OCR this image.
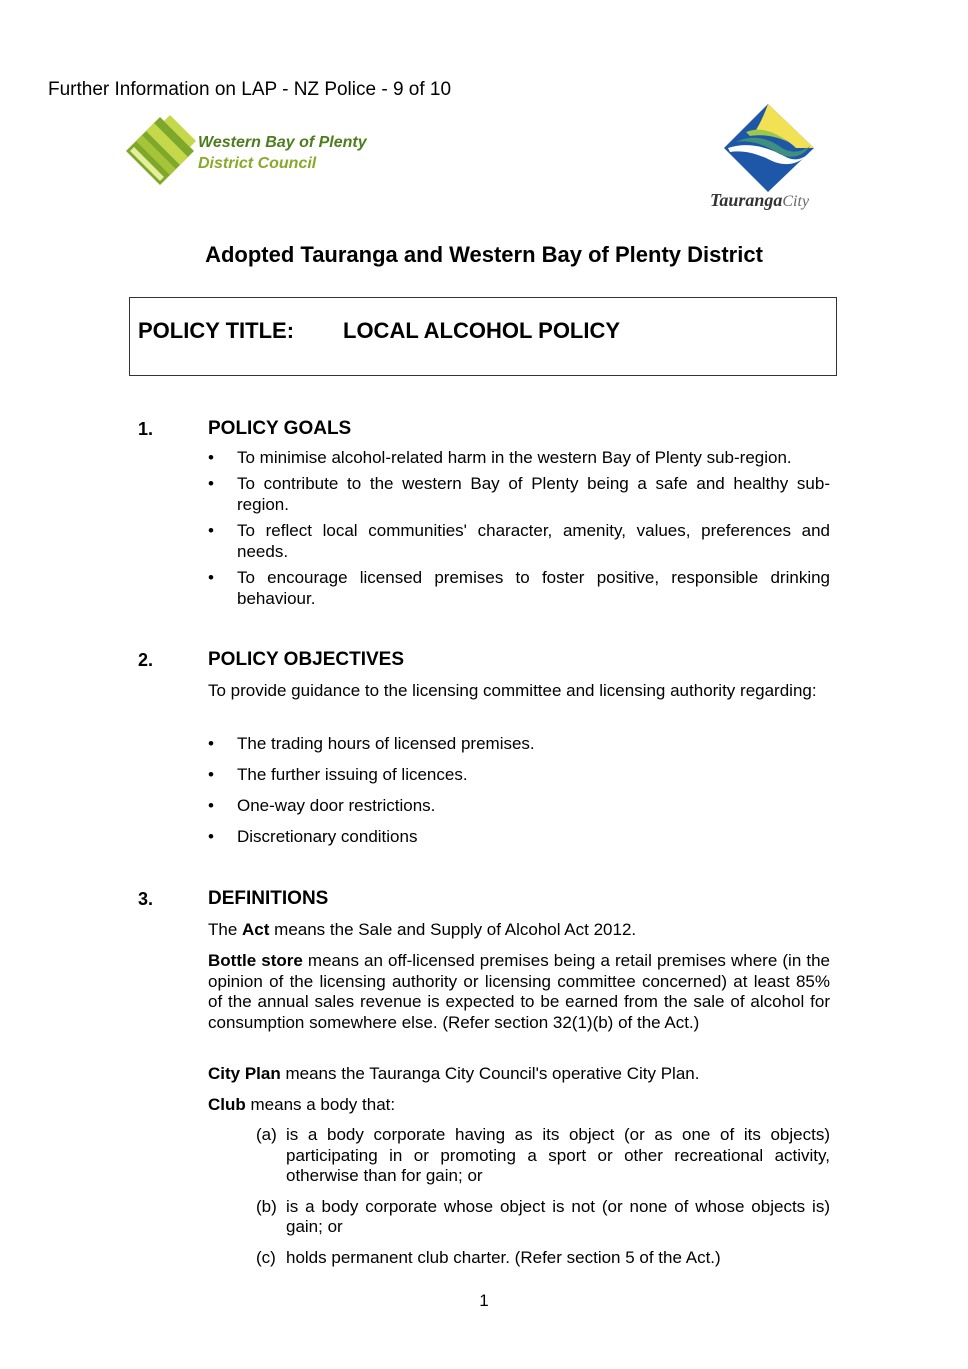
Further Information on LAP - NZ Police - 9 of 10
Western Bay of Plenty
District Council
TaurangaCity
Adopted Tauranga and Western Bay of Plenty District
POLICY TITLE: LOCAL ALCOHOL POLICY
1.	POLICY GOALS
• To minimise alcohol-related harm in the western Bay of Plenty sub-region.
• To contribute to the western Bay of Plenty being a safe and healthy sub-region.
• To reflect local communities' character, amenity, values, preferences and needs.
• To encourage licensed premises to foster positive, responsible drinking behaviour.
2.	POLICY OBJECTIVES

To provide guidance to the licensing committee and licensing authority regarding:

• The trading hours of licensed premises.
• The further issuing of licences.
• One-way door restrictions.
• Discretionary conditions
3.	DEFINITIONS

The Act means the Sale and Supply of Alcohol Act 2012.

Bottle store means an off-licensed premises being a retail premises where (in the opinion of the licensing authority or licensing committee concerned) at least 85% of the annual sales revenue is expected to be earned from the sale of alcohol for consumption somewhere else. (Refer section 32(1)(b) of the Act.)

City Plan means the Tauranga City Council's operative City Plan.

Club means a body that:

(a) is a body corporate having as its object (or as one of its objects) participating in or promoting a sport or other recreational activity, otherwise than for gain; or
(b) is a body corporate whose object is not (or none of whose objects is) gain; or
(c) holds permanent club charter. (Refer section 5 of the Act.)
1
